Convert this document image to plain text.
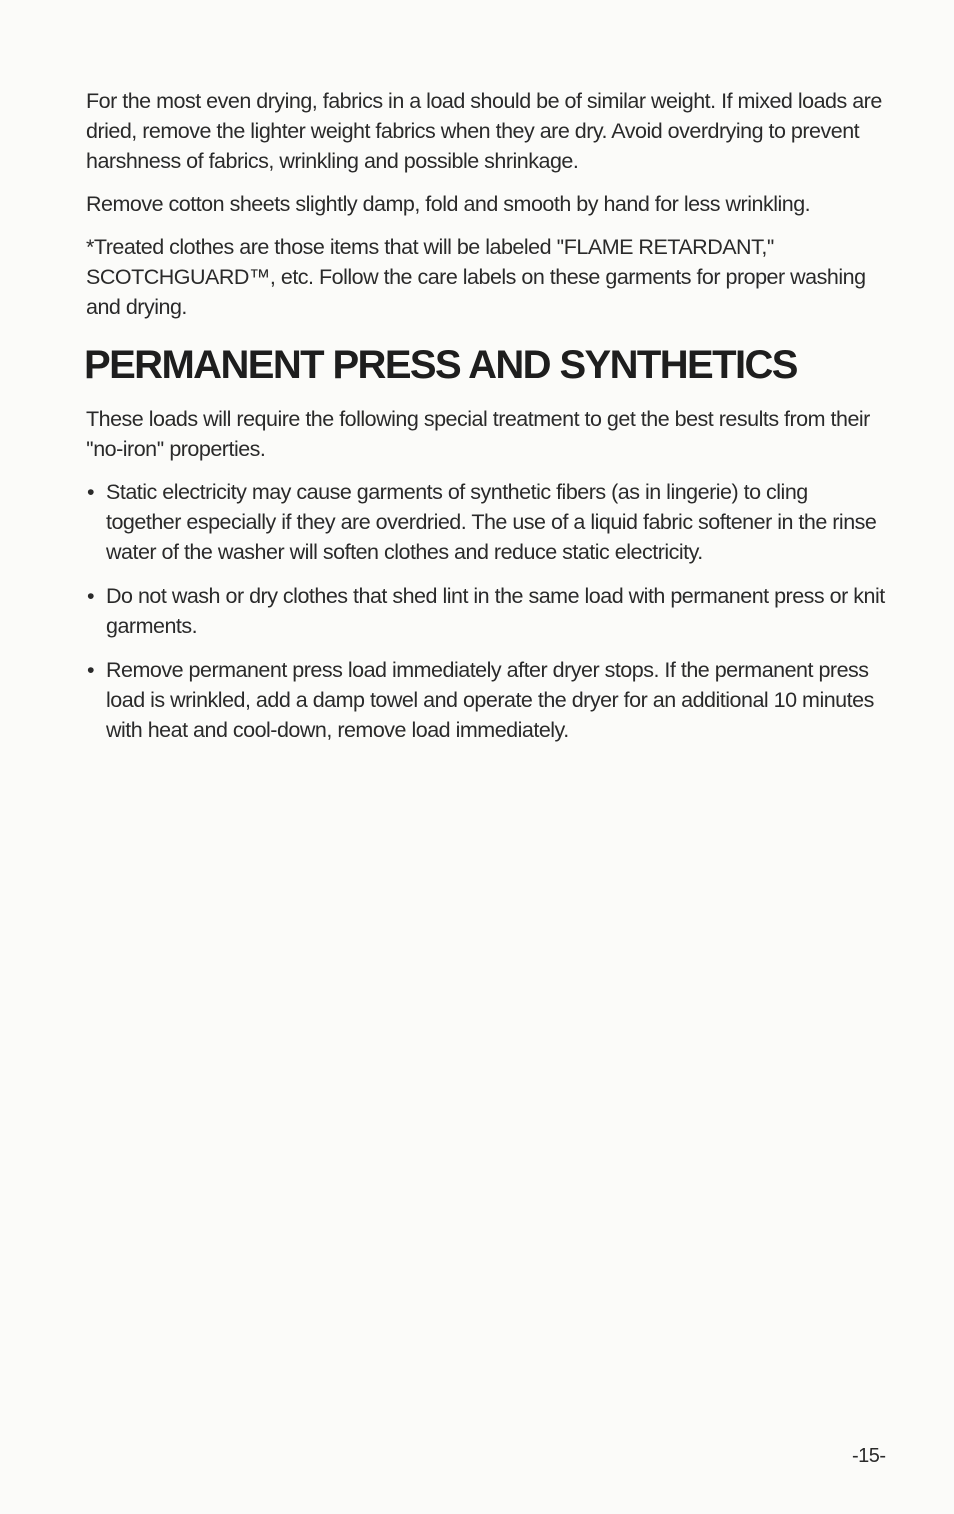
For the most even drying, fabrics in a load should be of similar weight. If mixed loads are dried, remove the lighter weight fabrics when they are dry. Avoid overdrying to prevent harshness of fabrics, wrinkling and possible shrinkage.

Remove cotton sheets slightly damp, fold and smooth by hand for less wrinkling.

*Treated clothes are those items that will be labeled ''FLAME RETARDANT,'' SCOTCHGUARD™, etc. Follow the care labels on these garments for proper washing and drying.

PERMANENT PRESS AND SYNTHETICS

These loads will require the following special treatment to get the best results from their ''no-iron'' properties.

• Static electricity may cause garments of synthetic fibers (as in lingerie) to cling together especially if they are overdried. The use of a liquid fabric softener in the rinse water of the washer will soften clothes and reduce static electricity.
• Do not wash or dry clothes that shed lint in the same load with permanent press or knit garments.
• Remove permanent press load immediately after dryer stops. If the permanent press load is wrinkled, add a damp towel and operate the dryer for an additional 10 minutes with heat and cool-down, remove load immediately.
-15-
